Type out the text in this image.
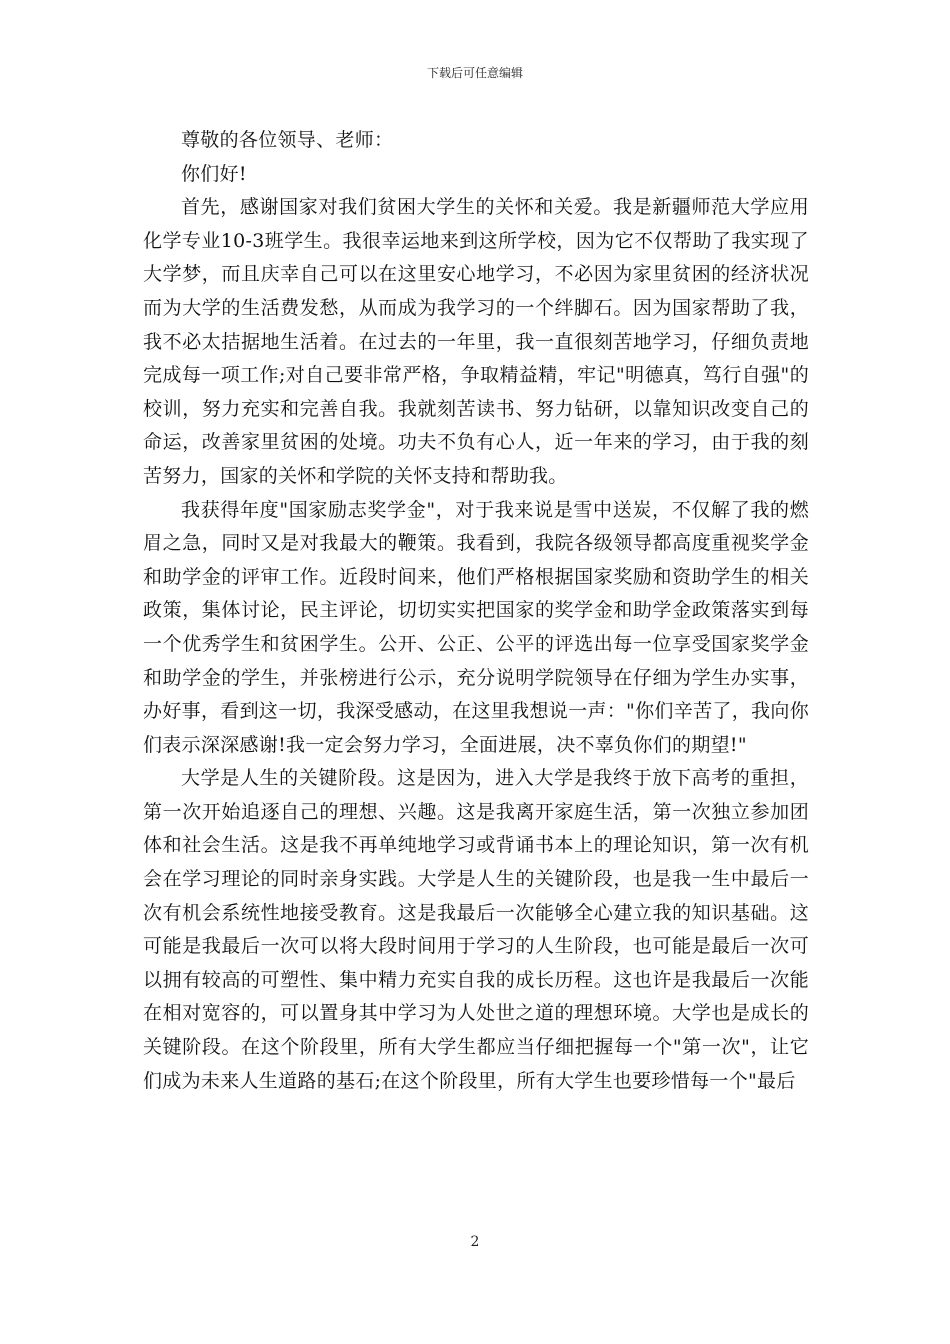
下载后可任意编辑

尊敬的各位领导、老师：

你们好!

首先，感谢国家对我们贫困大学生的关怀和关爱。我是新疆师范大学应用化学专业10-3班学生。我很幸运地来到这所学校，因为它不仅帮助了我实现了大学梦，而且庆幸自己可以在这里安心地学习，不必因为家里贫困的经济状况而为大学的生活费发愁，从而成为我学习的一个绊脚石。因为国家帮助了我，我不必太拮据地生活着。在过去的一年里，我一直很刻苦地学习，仔细负责地完成每一项工作;对自己要非常严格，争取精益精，牢记"明德真，笃行自强"的校训，努力充实和完善自我。我就刻苦读书、努力钻研，以靠知识改变自己的命运，改善家里贫困的处境。功夫不负有心人，近一年来的学习，由于我的刻苦努力，国家的关怀和学院的关怀支持和帮助我。

我获得年度"国家励志奖学金"，对于我来说是雪中送炭，不仅解了我的燃眉之急，同时又是对我最大的鞭策。我看到，我院各级领导都高度重视奖学金和助学金的评审工作。近段时间来，他们严格根据国家奖励和资助学生的相关政策，集体讨论，民主评论，切切实实把国家的奖学金和助学金政策落实到每一个优秀学生和贫困学生。公开、公正、公平的评选出每一位享受国家奖学金和助学金的学生，并张榜进行公示，充分说明学院领导在仔细为学生办实事，办好事，看到这一切，我深受感动，在这里我想说一声："你们辛苦了，我向你们表示深深感谢!我一定会努力学习，全面进展，决不辜负你们的期望!"

大学是人生的关键阶段。这是因为，进入大学是我终于放下高考的重担，第一次开始追逐自己的理想、兴趣。这是我离开家庭生活，第一次独立参加团体和社会生活。这是我不再单纯地学习或背诵书本上的理论知识，第一次有机会在学习理论的同时亲身实践。大学是人生的关键阶段，也是我一生中最后一次有机会系统性地接受教育。这是我最后一次能够全心建立我的知识基础。这可能是我最后一次可以将大段时间用于学习的人生阶段，也可能是最后一次可以拥有较高的可塑性、集中精力充实自我的成长历程。这也许是我最后一次能在相对宽容的，可以置身其中学习为人处世之道的理想环境。大学也是成长的关键阶段。在这个阶段里，所有大学生都应当仔细把握每一个"第一次"，让它们成为未来人生道路的基石;在这个阶段里，所有大学生也要珍惜每一个"最后

2
